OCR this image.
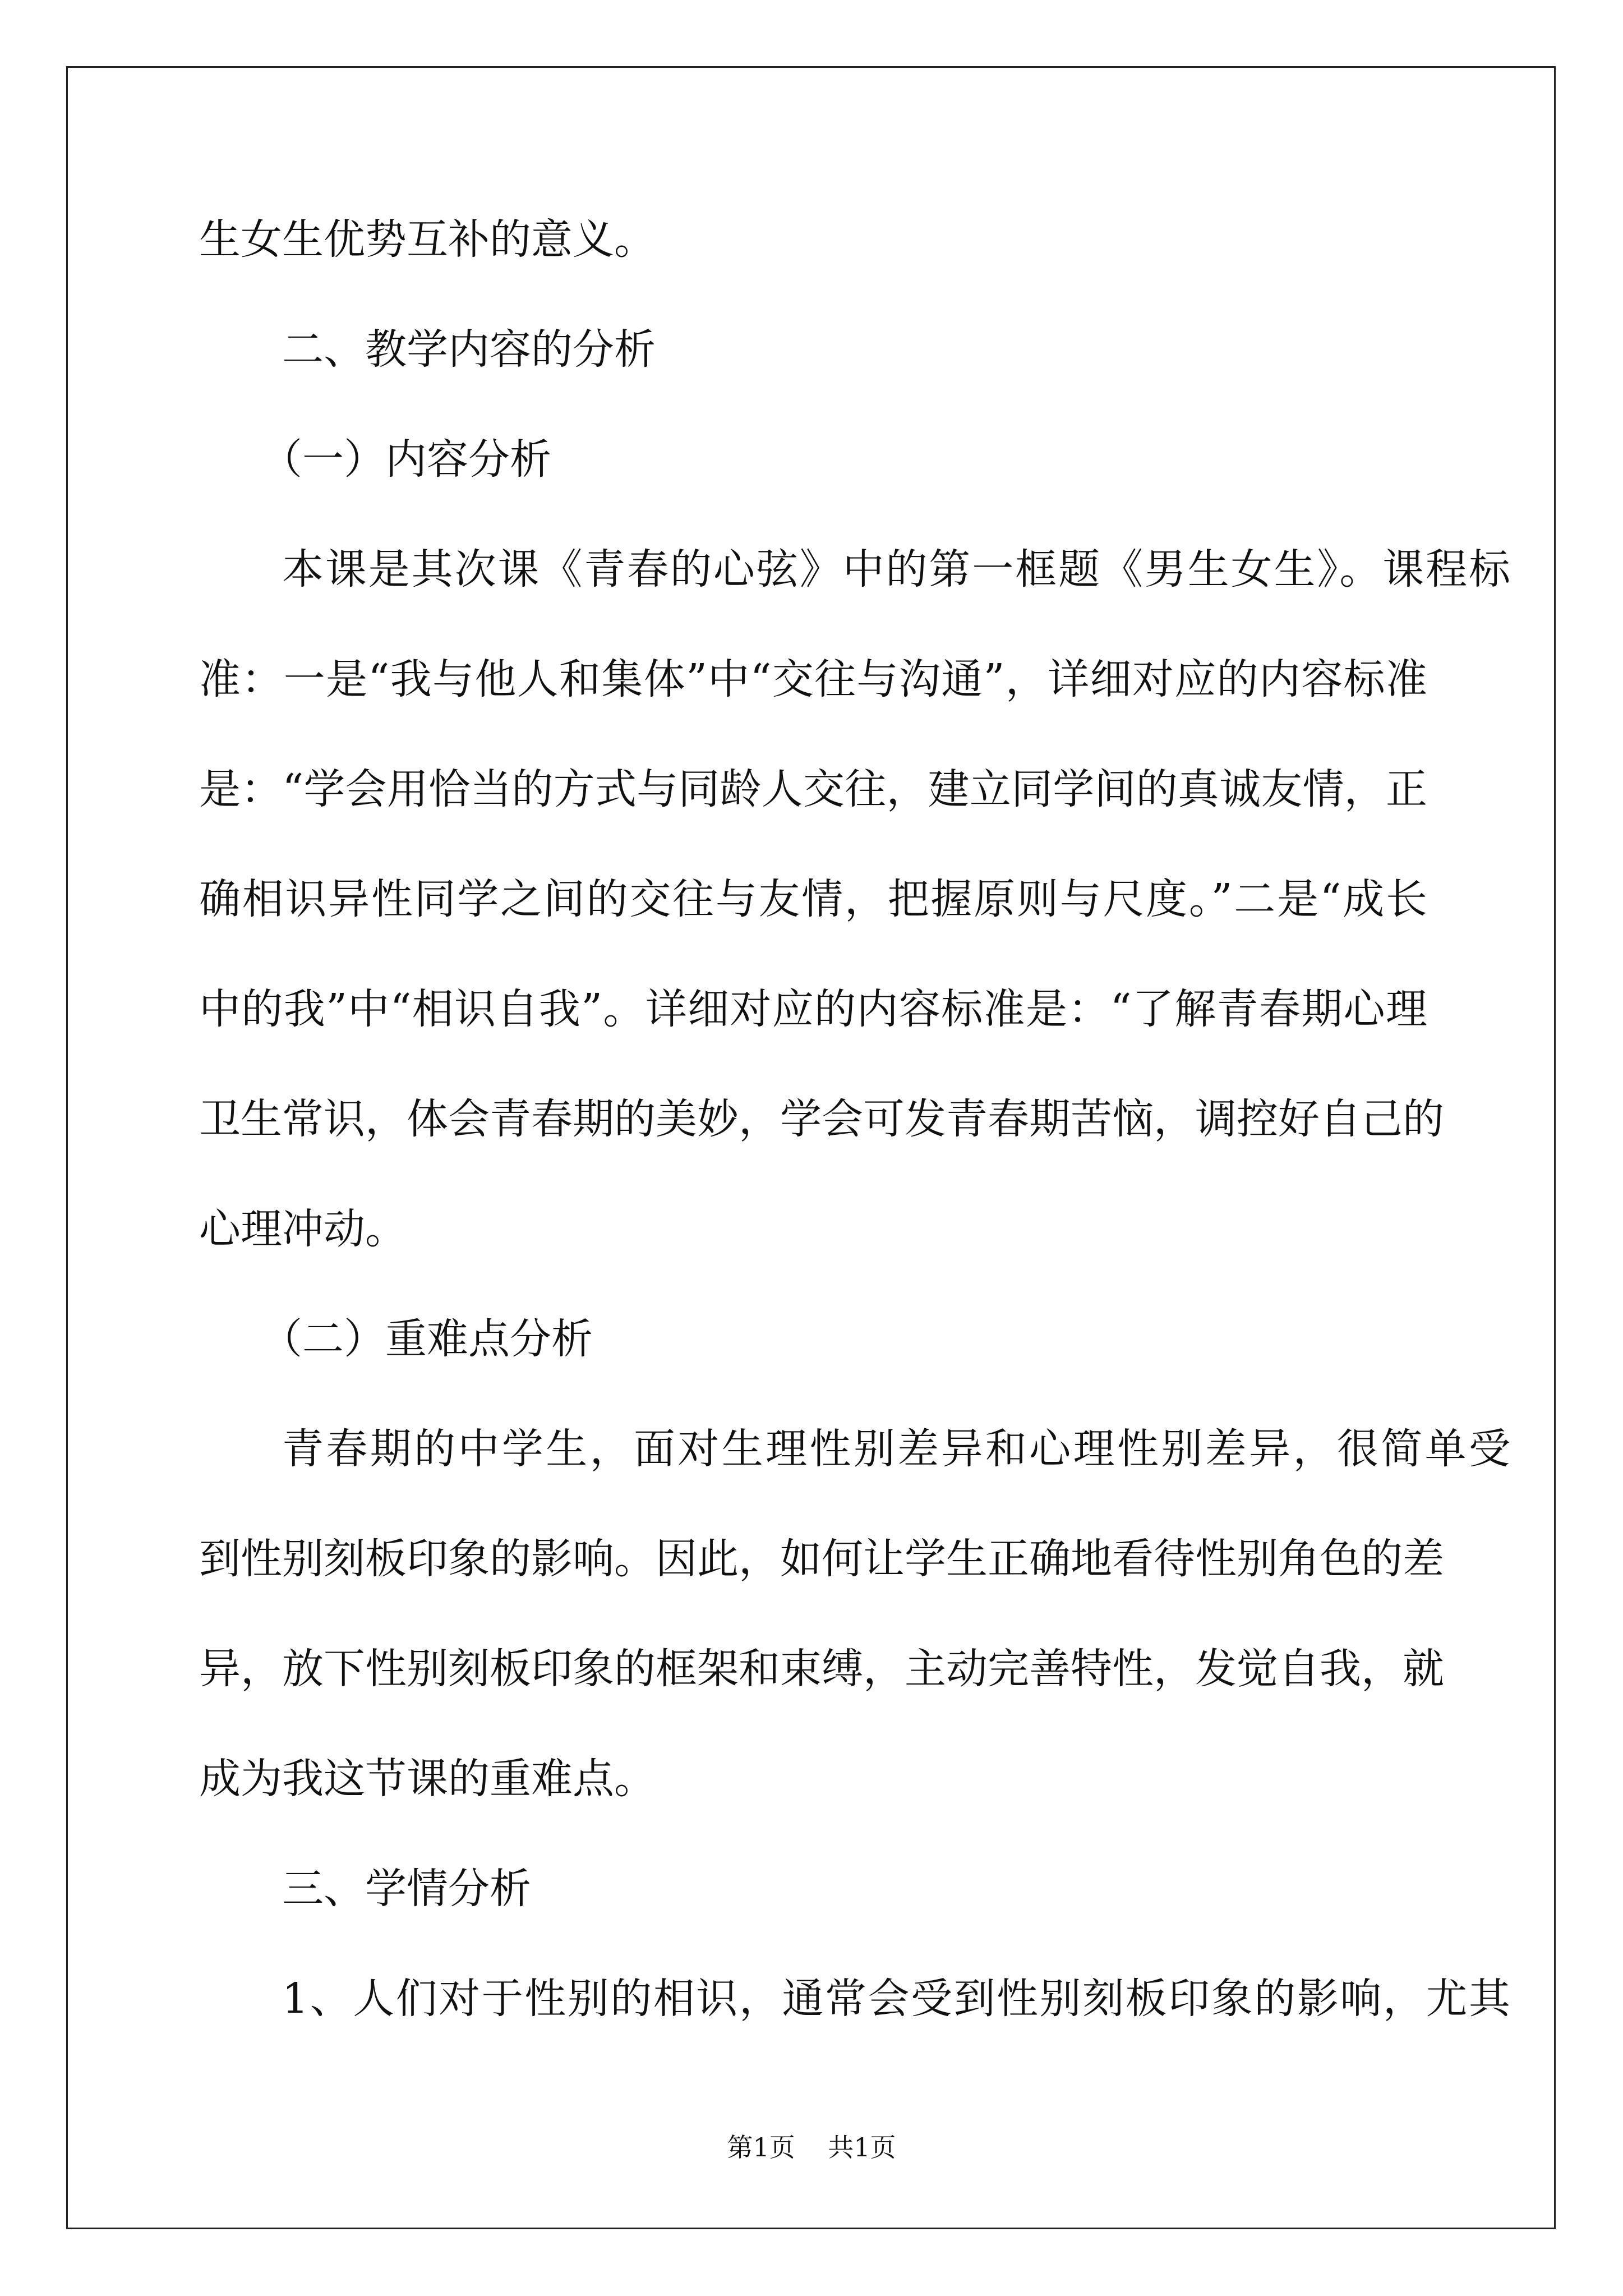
生女生优势互补的意义。
二、教学内容的分析
（一）内容分析
本课是其次课《青春的心弦》中的第一框题《男生女生》。课程标
准：一是“我与他人和集体”中“交往与沟通”，详细对应的内容标准
是：“学会用恰当的方式与同龄人交往，建立同学间的真诚友情，正
确相识异性同学之间的交往与友情，把握原则与尺度。”二是“成长
中的我”中“相识自我”。详细对应的内容标准是：“了解青春期心理
卫生常识，体会青春期的美妙，学会可发青春期苦恼，调控好自己的
心理冲动。
（二）重难点分析
青春期的中学生，面对生理性别差异和心理性别差异，很简单受
到性别刻板印象的影响。因此，如何让学生正确地看待性别角色的差
异，放下性别刻板印象的框架和束缚，主动完善特性，发觉自我，就
成为我这节课的重难点。
三、学情分析
1、人们对于性别的相识，通常会受到性别刻板印象的影响，尤其
第1页    共1页
